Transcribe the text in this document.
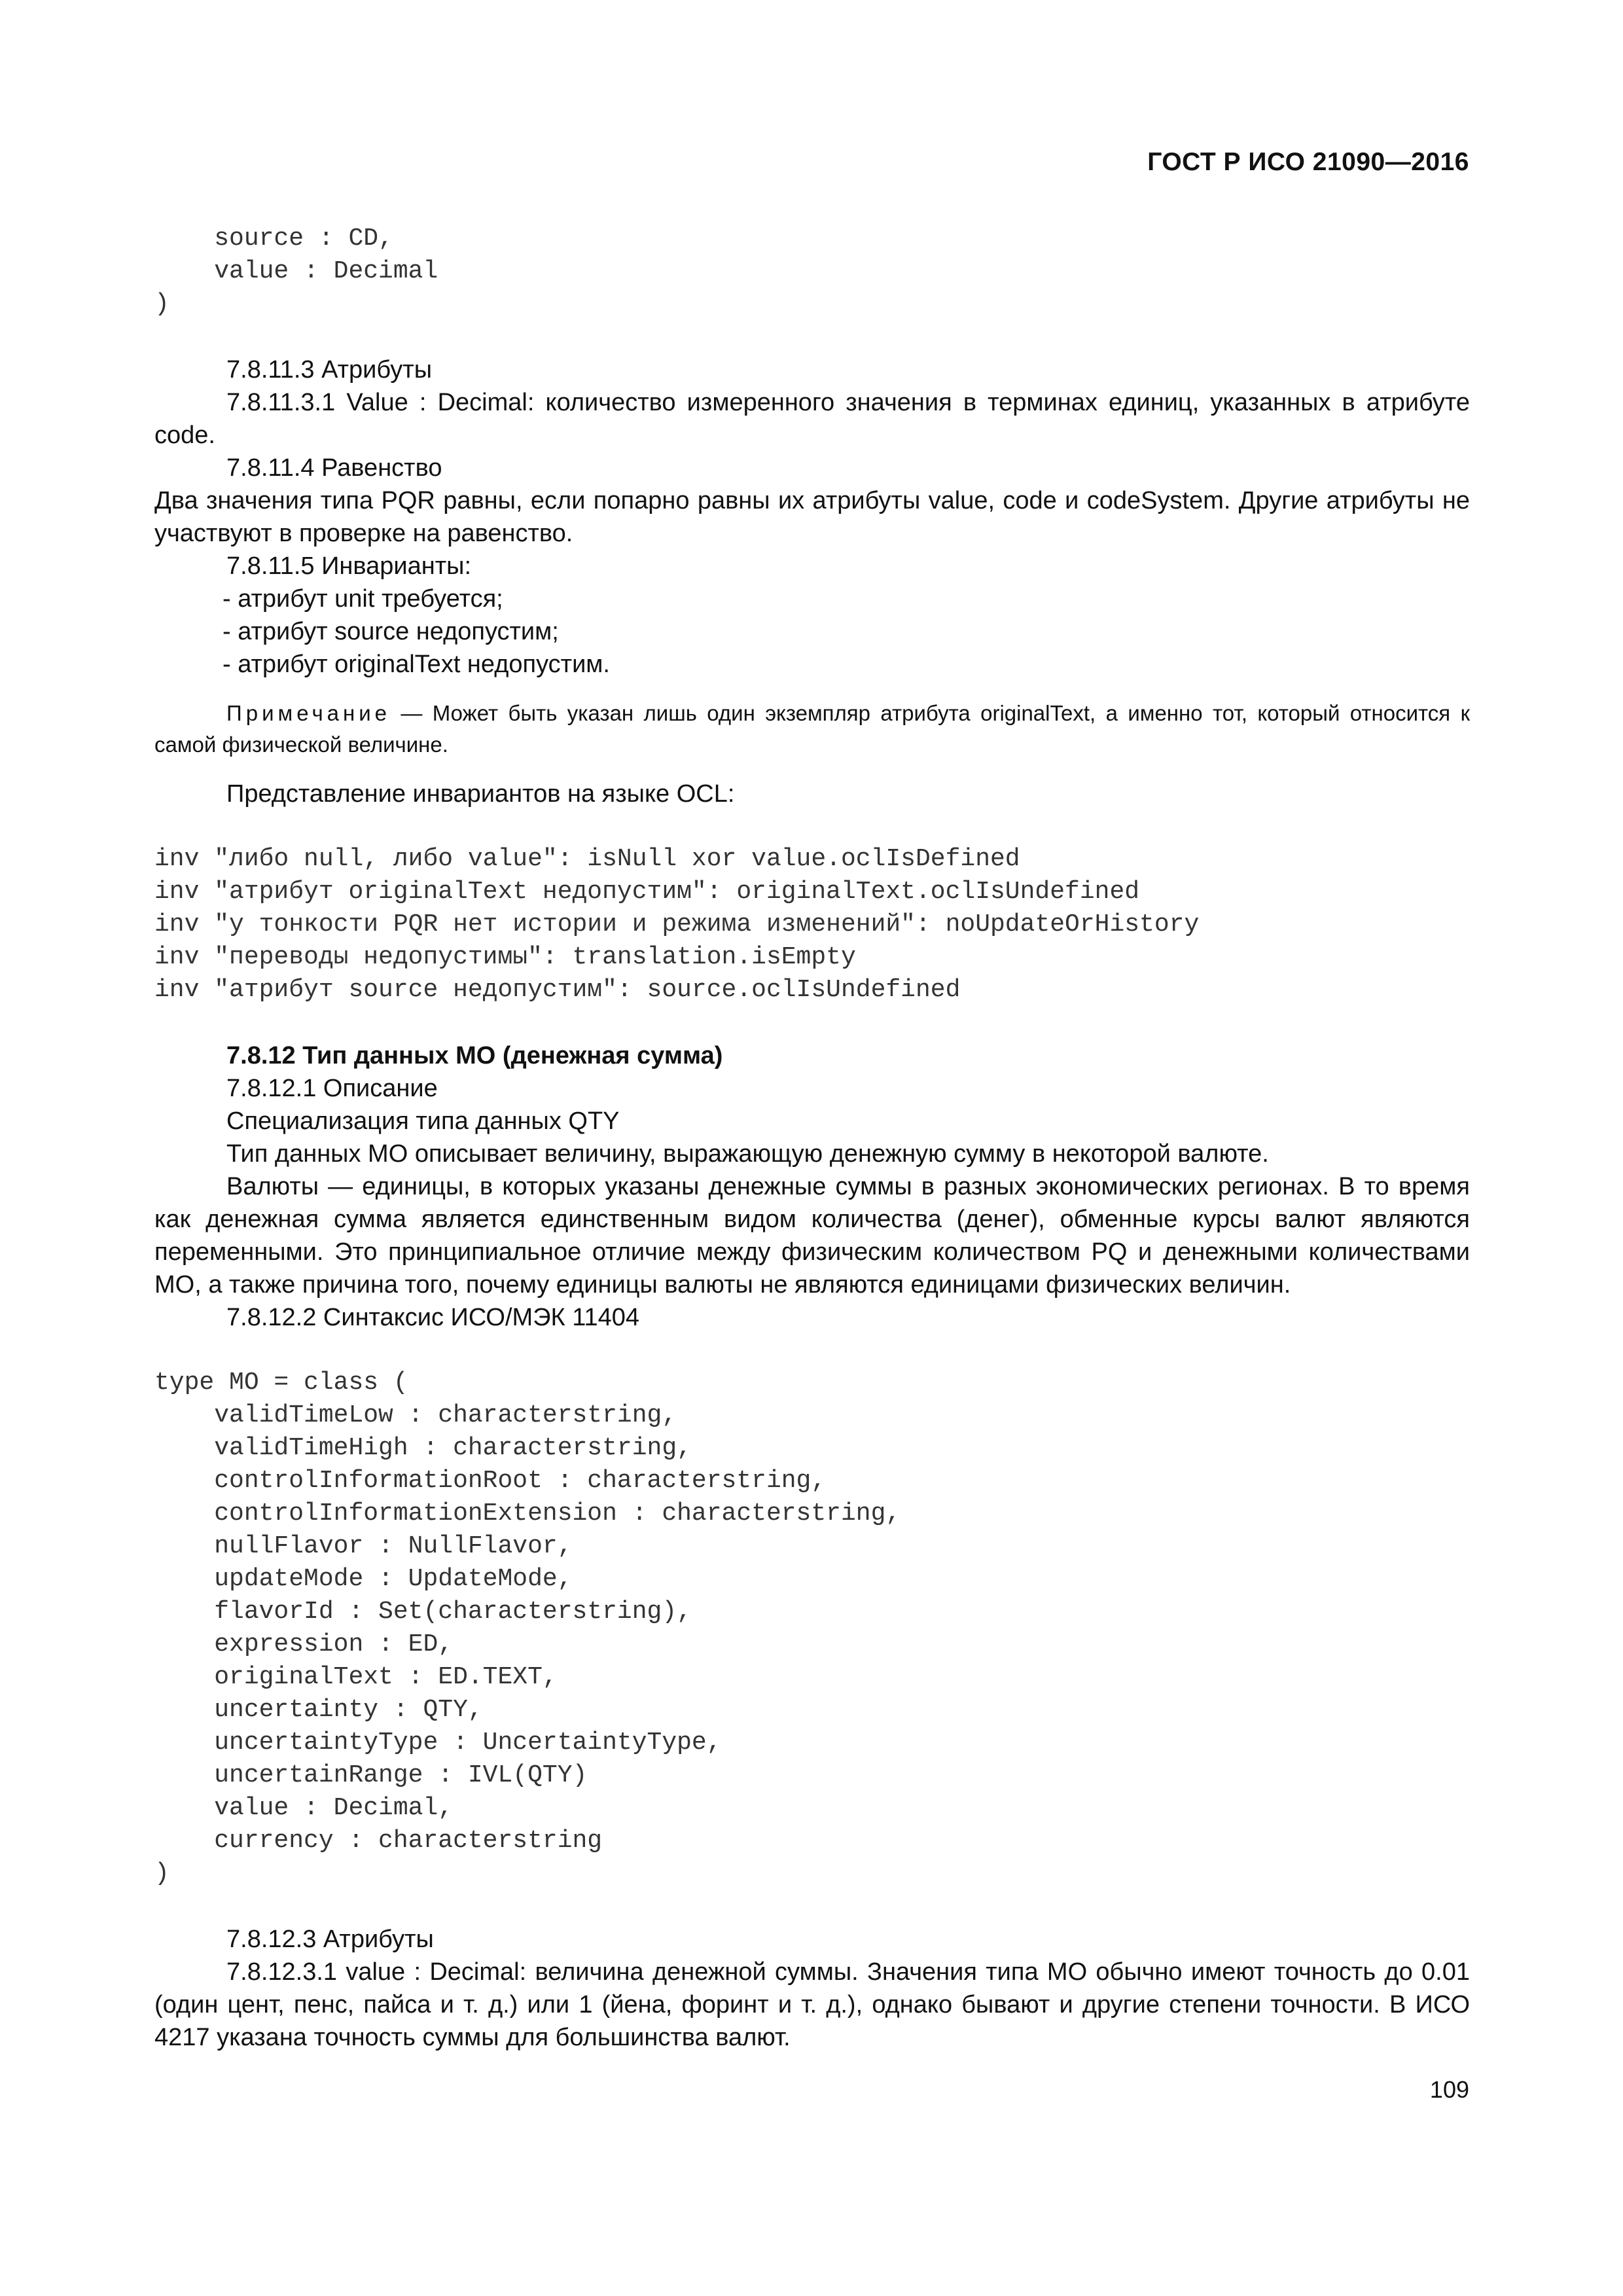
ГОСТ Р ИСО 21090—2016
source : CD,
value : Decimal
)

7.8.11.3 Атрибуты

7.8.11.3.1 Value : Decimal: количество измеренного значения в терминах единиц, указанных в атрибуте code.

7.8.11.4 Равенство

Два значения типа PQR равны, если попарно равны их атрибуты value, code и codeSystem. Другие атрибуты не участвуют в проверке на равенство.

7.8.11.5 Инварианты:

- атрибут unit требуется;

- атрибут source недопустим;

- атрибут originalText недопустим.

Примечание — Может быть указан лишь один экземпляр атрибута originalText, а именно тот, который относится к самой физической величине.

Представление инвариантов на языке OCL:

inv "либо null, либо value": isNull xor value.oclIsDefined
inv "атрибут originalText недопустим": originalText.oclIsUndefined
inv "у тонкости PQR нет истории и режима изменений": noUpdateOrHistory
inv "переводы недопустимы": translation.isEmpty
inv "атрибут source недопустим": source.oclIsUndefined

7.8.12 Тип данных МО (денежная сумма)

7.8.12.1 Описание

Специализация типа данных QTY

Тип данных МО описывает величину, выражающую денежную сумму в некоторой валюте.

Валюты — единицы, в которых указаны денежные суммы в разных экономических регионах. В то время как денежная сумма является единственным видом количества (денег), обменные курсы валют являются переменными. Это принципиальное отличие между физическим количеством PQ и денежными количествами МО, а также причина того, почему единицы валюты не являются единицами физических величин.

7.8.12.2 Синтаксис ИСО/МЭК 11404

type MO = class (
validTimeLow : characterstring,
validTimeHigh : characterstring,
controlInformationRoot : characterstring,
controlInformationExtension : characterstring,
nullFlavor : NullFlavor,
updateMode : UpdateMode,
flavorId : Set(characterstring),
expression : ED,
originalText : ED.TEXT,
uncertainty : QTY,
uncertaintyType : UncertaintyType,
uncertainRange : IVL(QTY)
value : Decimal,
currency : characterstring
)

7.8.12.3 Атрибуты

7.8.12.3.1 value : Decimal: величина денежной суммы. Значения типа МО обычно имеют точность до 0.01 (один цент, пенс, пайса и т. д.) или 1 (йена, форинт и т. д.), однако бывают и другие степени точности. В ИСО 4217 указана точность суммы для большинства валют.

109
